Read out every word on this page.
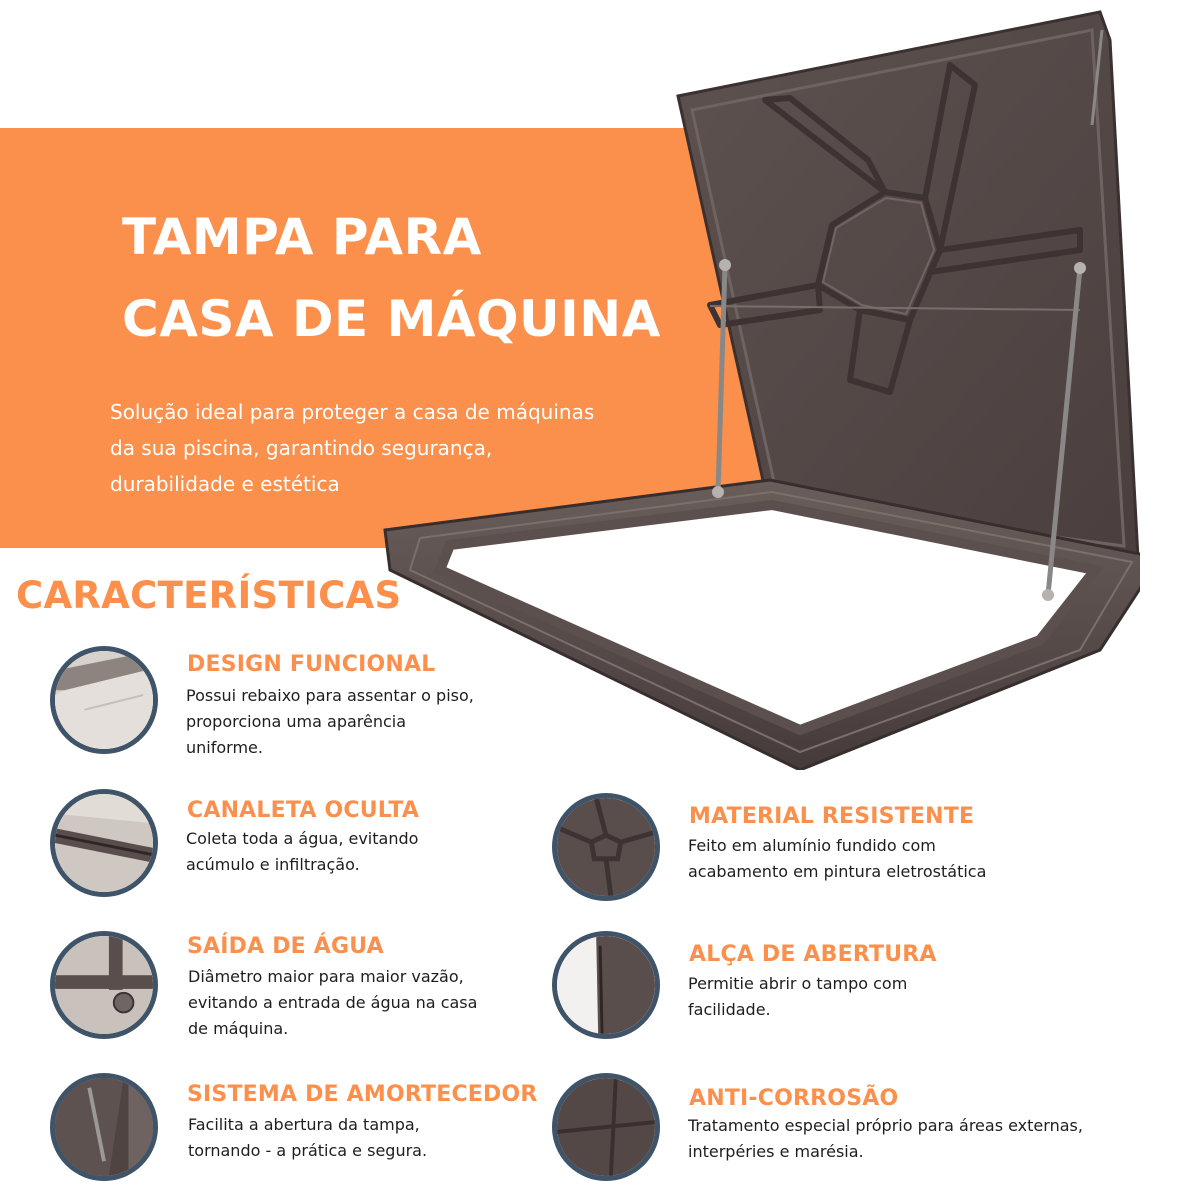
TAMPA PARA
CASA DE MÁQUINA

Solução ideal para proteger a casa de máquinas
da sua piscina, garantindo segurança,
durabilidade e estética

CARACTERÍSTICAS
DESIGN FUNCIONAL

Possui rebaixo para assentar o piso,
proporciona uma aparência
uniforme.

CANALETA OCULTA

Coleta toda a água, evitando
acúmulo e infiltração.

SAÍDA DE ÁGUA

Diâmetro maior para maior vazão,
evitando a entrada de água na casa
de máquina.

SISTEMA DE AMORTECEDOR

Facilita a abertura da tampa,
tornando - a prática e segura.

MATERIAL RESISTENTE

Feito em alumínio fundido com
acabamento em pintura eletrostática

ALÇA DE ABERTURA

Permitie abrir o tampo com
facilidade.

ANTI-CORROSÃO

Tratamento especial próprio para áreas externas,
interpéries e marésia.
